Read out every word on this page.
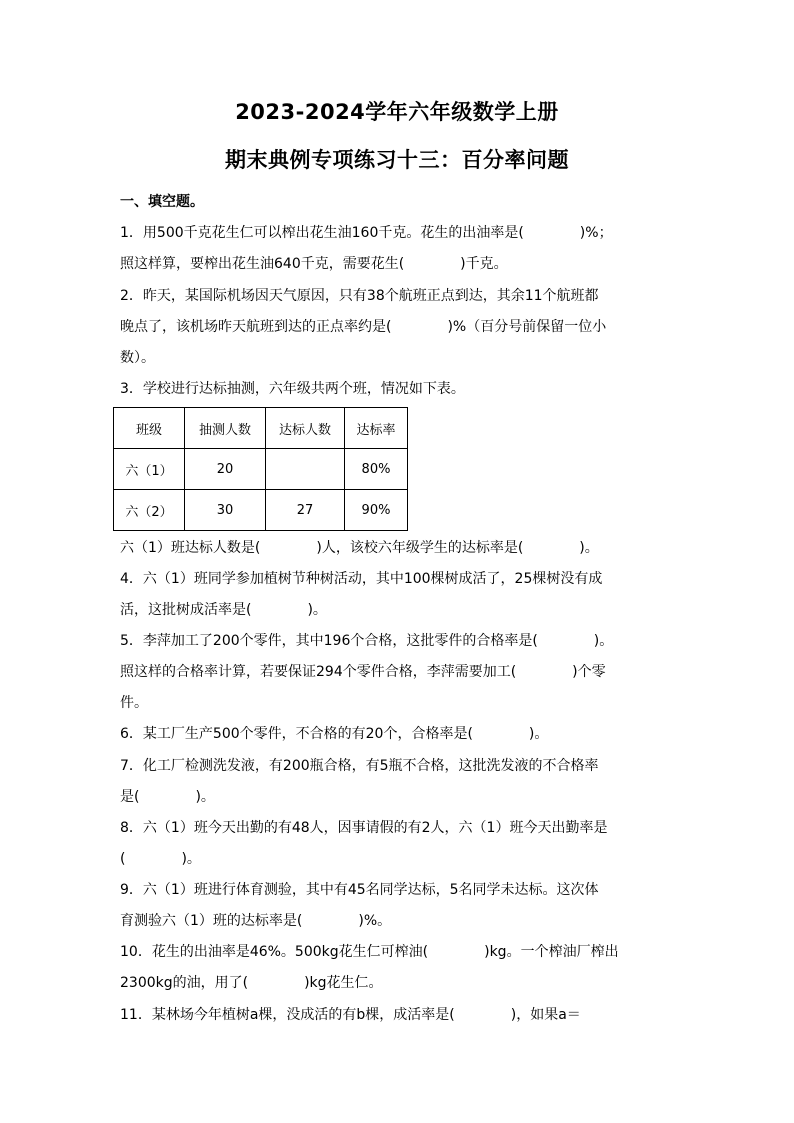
2023-2024学年六年级数学上册
期末典例专项练习十三：百分率问题
一、填空题。
1．用500千克花生仁可以榨出花生油160千克。花生的出油率是(　　　　)%；
照这样算，要榨出花生油640千克，需要花生(　　　　)千克。
2．昨天，某国际机场因天气原因，只有38个航班正点到达，其余11个航班都
晚点了，该机场昨天航班到达的正点率约是(　　　　)%（百分号前保留一位小
数）。
3．学校进行达标抽测，六年级共两个班，情况如下表。
班级	抽测人数	达标人数	达标率
六（1）	20		80%
六（2）	30	27	90%
六（1）班达标人数是(　　　　)人，该校六年级学生的达标率是(　　　　)。
4．六（1）班同学参加植树节种树活动，其中100棵树成活了，25棵树没有成
活，这批树成活率是(　　　　)。
5．李萍加工了200个零件，其中196个合格，这批零件的合格率是(　　　　)。
照这样的合格率计算，若要保证294个零件合格，李萍需要加工(　　　　)个零
件。
6．某工厂生产500个零件，不合格的有20个，合格率是(　　　　)。
7．化工厂检测洗发液，有200瓶合格，有5瓶不合格，这批洗发液的不合格率
是(　　　　)。
8．六（1）班今天出勤的有48人，因事请假的有2人，六（1）班今天出勤率是
(　　　　)。
9．六（1）班进行体育测验，其中有45名同学达标，5名同学未达标。这次体
育测验六（1）班的达标率是(　　　　)%。
10．花生的出油率是46%。500kg花生仁可榨油(　　　　)kg。一个榨油厂榨出
2300kg的油，用了(　　　　)kg花生仁。
11．某林场今年植树a棵，没成活的有b棵，成活率是(　　　　)，如果a＝
